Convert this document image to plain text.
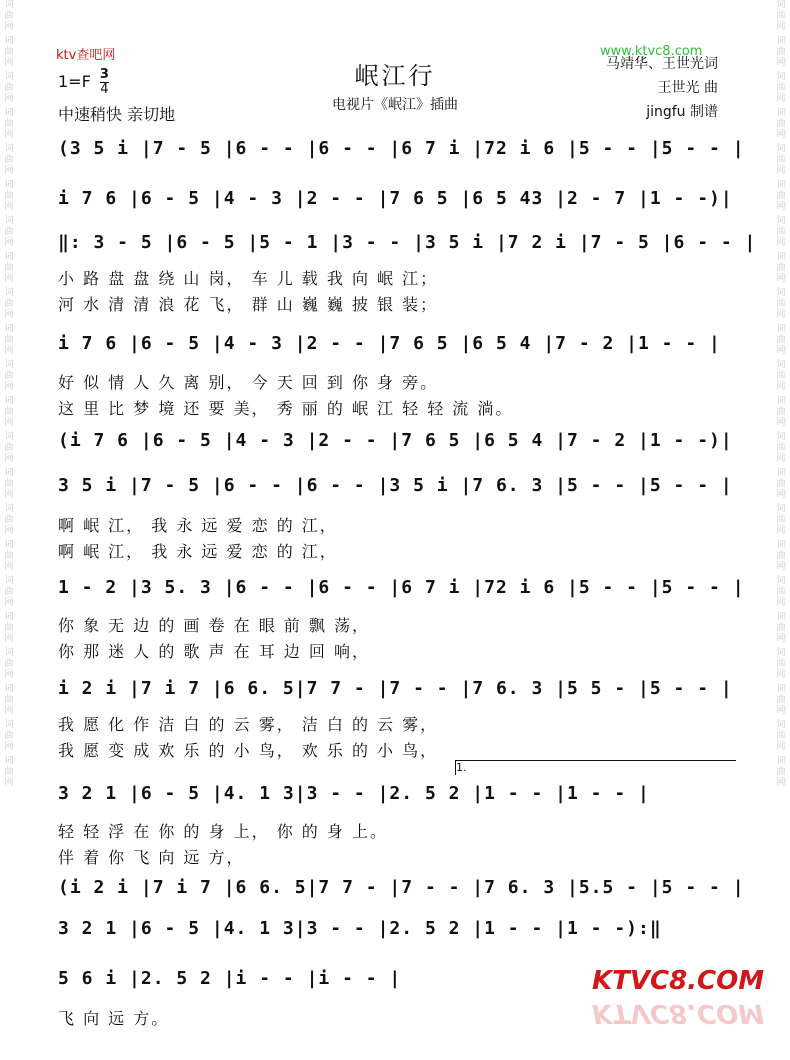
ktv查吧网	www.ktvc8.com
词曲网
词曲网
词曲网
词曲网
词曲网
词曲网
词曲网
词曲网
词曲网
词曲网
词曲网
词曲网
词曲网
词曲网
词曲网
词曲网
词曲网
词曲网
词曲网
词曲网
词曲网
词曲网
词曲网
词曲网
词曲网
词曲网
词曲网
词曲网
词曲网
词曲网
词曲网
词曲网
词曲网
词曲网
词曲网
词曲网
词曲网
词曲网
词曲网
词曲网
词曲网
词曲网
词曲网
词曲网
岷江行
电视片《岷江》插曲
马靖华、王世光词
王世光 曲
jingfu 制谱
$1=F \frac{3}{4}$
中速稍快 亲切地
(3 5 i |7 - 5 |6 - - |6 - - |6 7 i |72 i 6 |5 - - |5 - - |
i 7 6 |6 - 5 |4 - 3 |2 - - |7 6 5 |6 5 43 |2 - 7 |1 - -)|
‖: 3 - 5 |6 - 5 |5 - 1 |3 - - |3 5 i |7 2 i |7 - 5 |6 - - |
小 路 盘 盘 绕 山 岗， 车 儿 载 我 向 岷 江；
河 水 清 清 浪 花 飞， 群 山 巍 巍 披 银 装；
i 7 6 |6 - 5 |4 - 3 |2 - - |7 6 5 |6 5 4 |7 - 2 |1 - - |
好 似 情 人 久 离 别， 今 天 回 到 你 身 旁。
这 里 比 梦 境 还 要 美， 秀 丽 的 岷 江 轻 轻 流 淌。
(i 7 6 |6 - 5 |4 - 3 |2 - - |7 6 5 |6 5 4 |7 - 2 |1 - -)|
3 5 i |7 - 5 |6 - - |6 - - |3 5 i |7 6. 3 |5 - - |5 - - |
啊 岷 江， 我 永 远 爱 恋 的 江，
啊 岷 江， 我 永 远 爱 恋 的 江，
1 - 2 |3 5. 3 |6 - - |6 - - |6 7 i |72 i 6 |5 - - |5 - - |
你 象 无 边 的 画 卷 在 眼 前 飘 荡，
你 那 迷 人 的 歌 声 在 耳 边 回 响，
i 2 i |7 i 7 |6 6. 5|7 7 - |7 - - |7 6. 3 |5 5 - |5 - - |
我 愿 化 作 洁 白 的 云 雾， 洁 白 的 云 雾，
我 愿 变 成 欢 乐 的 小 鸟， 欢 乐 的 小 鸟，
3 2 1 |6 - 5 |4. 1 3|3 - - |2. 5 2 |1 - - |1 - - |
轻 轻 浮 在 你 的 身 上， 你 的 身 上。
伴 着 你 飞 向 远 方，
(i 2 i |7 i 7 |6 6. 5|7 7 - |7 - - |7 6. 3 |5.5 - |5 - - |
3 2 1 |6 - 5 |4. 1 3|3 - - |2. 5 2 |1 - - |1 - -):‖
5 6 i |2. 5 2 |i - - |i - - |
飞 向 远 方。
1.
KTVC8.COM
KTVC8.COM
